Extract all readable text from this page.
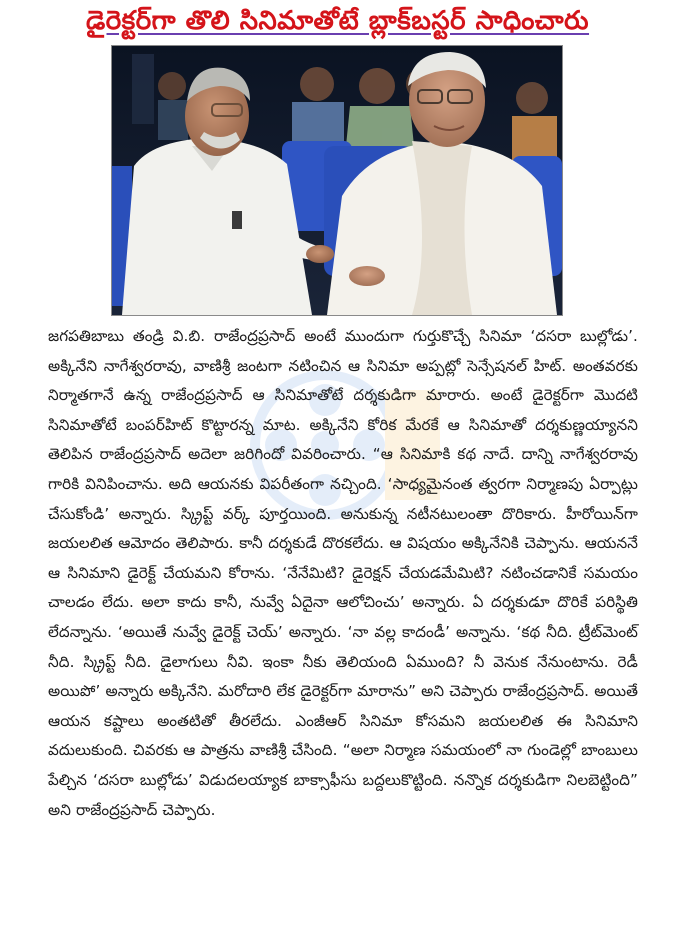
డైరెక్టర్‌గా తొలి సినిమాతోటే బ్లాక్‌బస్టర్ సాధించారు
జగపతిబాబు తండ్రి వి.బి. రాజేంద్రప్రసాద్ అంటే ముందుగా గుర్తుకొచ్చే సినిమా ‘దసరా బుల్లోడు’. అక్కినేని నాగేశ్వరరావు, వాణిశ్రీ జంటగా నటించిన ఆ సినిమా అప్పట్లో సెన్సేషనల్ హిట్. అంతవరకు నిర్మాతగానే ఉన్న రాజేంద్రప్రసాద్ ఆ సినిమాతోటే దర్శకుడిగా మారారు. అంటే డైరెక్టర్‌గా మొదటి సినిమాతోటే బంపర్‌హిట్ కొట్టారన్న మాట. అక్కినేని కోరిక మేరకే ఆ సినిమాతో దర్శకుణ్ణయ్యానని తెలిపిన రాజేంద్రప్రసాద్ అదెలా జరిగిందో వివరించారు. “ఆ సినిమాకి కథ నాదే. దాన్ని నాగేశ్వరరావు గారికి వినిపించాను. అది ఆయనకు విపరీతంగా నచ్చింది. ‘సాధ్యమైనంత త్వరగా నిర్మాణపు ఏర్పాట్లు చేసుకోండి’ అన్నారు. స్క్రిప్ట్ వర్క్ పూర్తయింది. అనుకున్న నటీనటులంతా దొరికారు. హీరోయిన్‌గా జయలలిత ఆమోదం తెలిపారు. కానీ దర్శకుడే దొరకలేదు. ఆ విషయం అక్కినేనికి చెప్పాను. ఆయననే ఆ సినిమాని డైరెక్ట్ చేయమని కోరాను. ‘నేనేమిటి? డైరెక్షన్ చేయడమేమిటి? నటించడానికే సమయం చాలడం లేదు. అలా కాదు కానీ, నువ్వే ఏదైనా ఆలోచించు’ అన్నారు. ఏ దర్శకుడూ దొరికే పరిస్థితి లేదన్నాను. ‘అయితే నువ్వే డైరెక్ట్ చెయ్’ అన్నారు. ‘నా వల్ల కాదండీ’ అన్నాను. ‘కథ నీది. ట్రీట్‌మెంట్ నీది. స్క్రిప్ట్ నీది. డైలాగులు నీవి. ఇంకా నీకు తెలియంది ఏముంది? నీ వెనుక నేనుంటాను. రెడీ అయిపో’ అన్నారు అక్కినేని. మరోదారి లేక డైరెక్టర్‌గా మారాను” అని చెప్పారు రాజేంద్రప్రసాద్. అయితే ఆయన కష్టాలు అంతటితో తీరలేదు. ఎంజీఆర్ సినిమా కోసమని జయలలిత ఈ సినిమాని వదులుకుంది. చివరకు ఆ పాత్రను వాణిశ్రీ చేసింది. “అలా నిర్మాణ సమయంలో నా గుండెల్లో బాంబులు పేల్చిన ‘దసరా బుల్లోడు’ విడుదలయ్యాక బాక్సాఫీసు బద్దలుకొట్టింది. నన్నొక దర్శకుడిగా నిలబెట్టింది” అని రాజేంద్రప్రసాద్ చెప్పారు.
